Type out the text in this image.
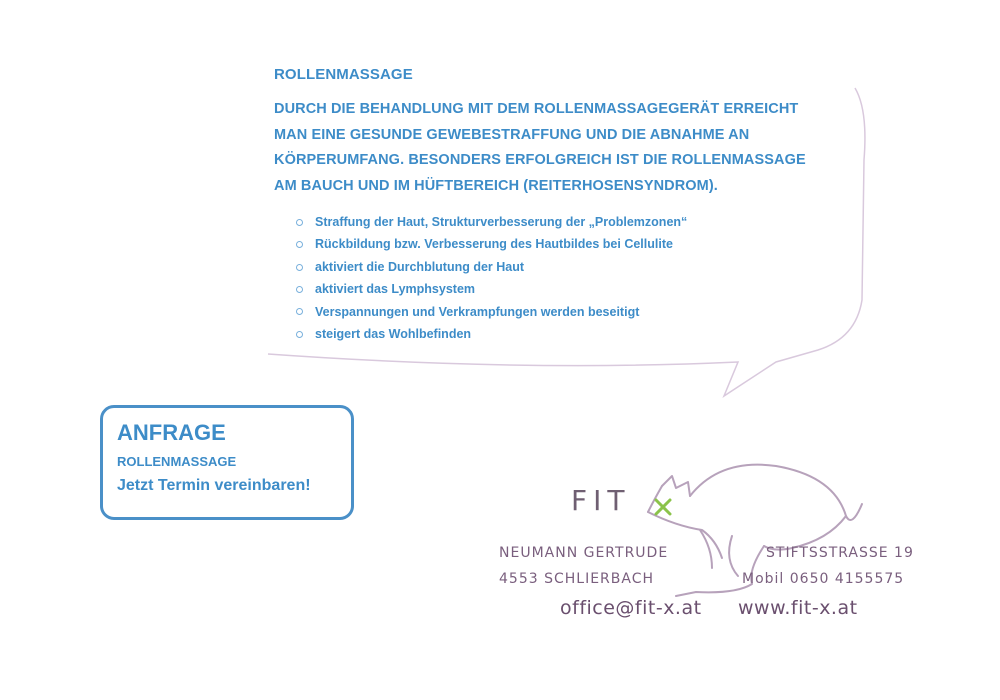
ROLLENMASSAGE

DURCH DIE BEHANDLUNG MIT DEM ROLLENMASSAGEGERÄT ERREICHT
MAN EINE GESUNDE GEWEBESTRAFFUNG UND DIE ABNAHME AN
KÖRPERUMFANG. BESONDERS ERFOLGREICH IST DIE ROLLENMASSAGE
AM BAUCH UND IM HÜFTBEREICH (REITERHOSENSYNDROM).

Straffung der Haut, Strukturverbesserung der „Problemzonen“
Rückbildung bzw. Verbesserung des Hautbildes bei Cellulite
aktiviert die Durchblutung der Haut
aktiviert das Lymphsystem
Verspannungen und Verkrampfungen werden beseitigt
steigert das Wohlbefinden
ANFRAGE
ROLLENMASSAGE
Jetzt Termin vereinbaren!	FIT
NEUMANN GERTRUDE	STIFTSSTRASSE 19
4553 SCHLIERBACH	Mobil 0650 4155575
office@fit-x.at www.fit-x.at
